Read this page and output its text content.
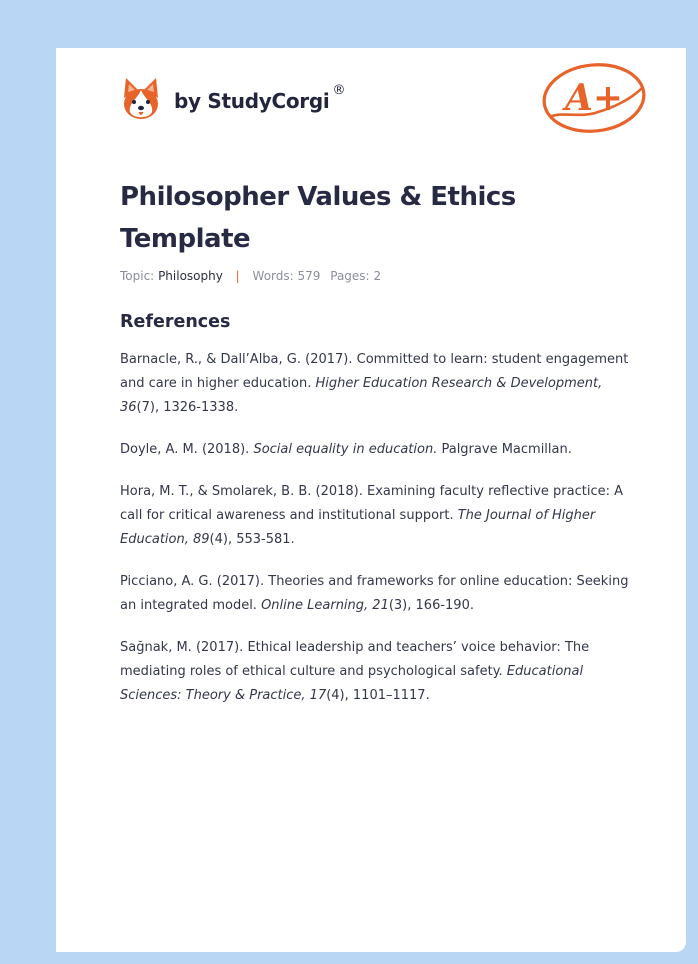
by StudyCorgi ®	A+
Philosopher Values & Ethics Template
Topic: Philosophy | Words: 579 Pages: 2
References

Barnacle, R., & Dall’Alba, G. (2017). Committed to learn: student engagement and care in higher education. Higher Education Research & Development, 36(7), 1326-1338.

Doyle, A. M. (2018). Social equality in education. Palgrave Macmillan.

Hora, M. T., & Smolarek, B. B. (2018). Examining faculty reflective practice: A call for critical awareness and institutional support. The Journal of Higher Education, 89(4), 553-581.

Picciano, A. G. (2017). Theories and frameworks for online education: Seeking an integrated model. Online Learning, 21(3), 166-190.

Sağnak, M. (2017). Ethical leadership and teachers’ voice behavior: The mediating roles of ethical culture and psychological safety. Educational Sciences: Theory & Practice, 17(4), 1101–1117.
